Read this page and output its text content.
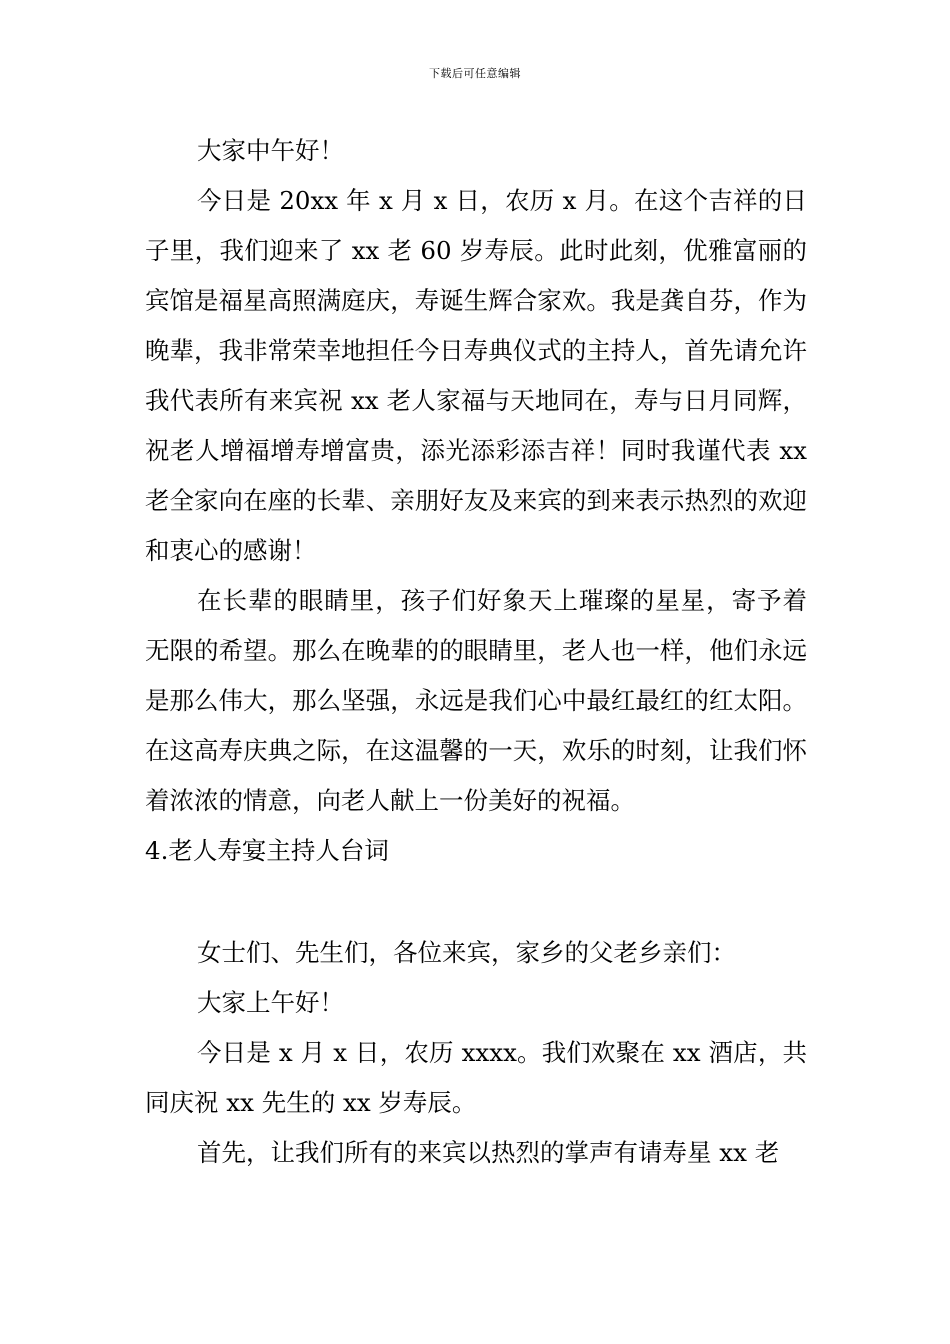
下载后可任意编辑

大家中午好！

今日是 20xx 年 x 月 x 日，农历 x 月。在这个吉祥的日子里，我们迎来了 xx 老 60 岁寿辰。此时此刻，优雅富丽的宾馆是福星高照满庭庆，寿诞生辉合家欢。我是龚自芬，作为晚辈，我非常荣幸地担任今日寿典仪式的主持人，首先请允许我代表所有来宾祝 xx 老人家福与天地同在，寿与日月同辉，祝老人增福增寿增富贵，添光添彩添吉祥！同时我谨代表 xx 老全家向在座的长辈、亲朋好友及来宾的到来表示热烈的欢迎和衷心的感谢！

在长辈的眼睛里，孩子们好象天上璀璨的星星，寄予着无限的希望。那么在晚辈的的眼睛里，老人也一样，他们永远是那么伟大，那么坚强，永远是我们心中最红最红的红太阳。在这高寿庆典之际，在这温馨的一天，欢乐的时刻，让我们怀着浓浓的情意，向老人献上一份美好的祝福。

4.老人寿宴主持人台词

女士们、先生们，各位来宾，家乡的父老乡亲们：

大家上午好！

今日是 x 月 x 日，农历 xxxx。我们欢聚在 xx 酒店，共同庆祝 xx 先生的 xx 岁寿辰。

首先，让我们所有的来宾以热烈的掌声有请寿星 xx 老
